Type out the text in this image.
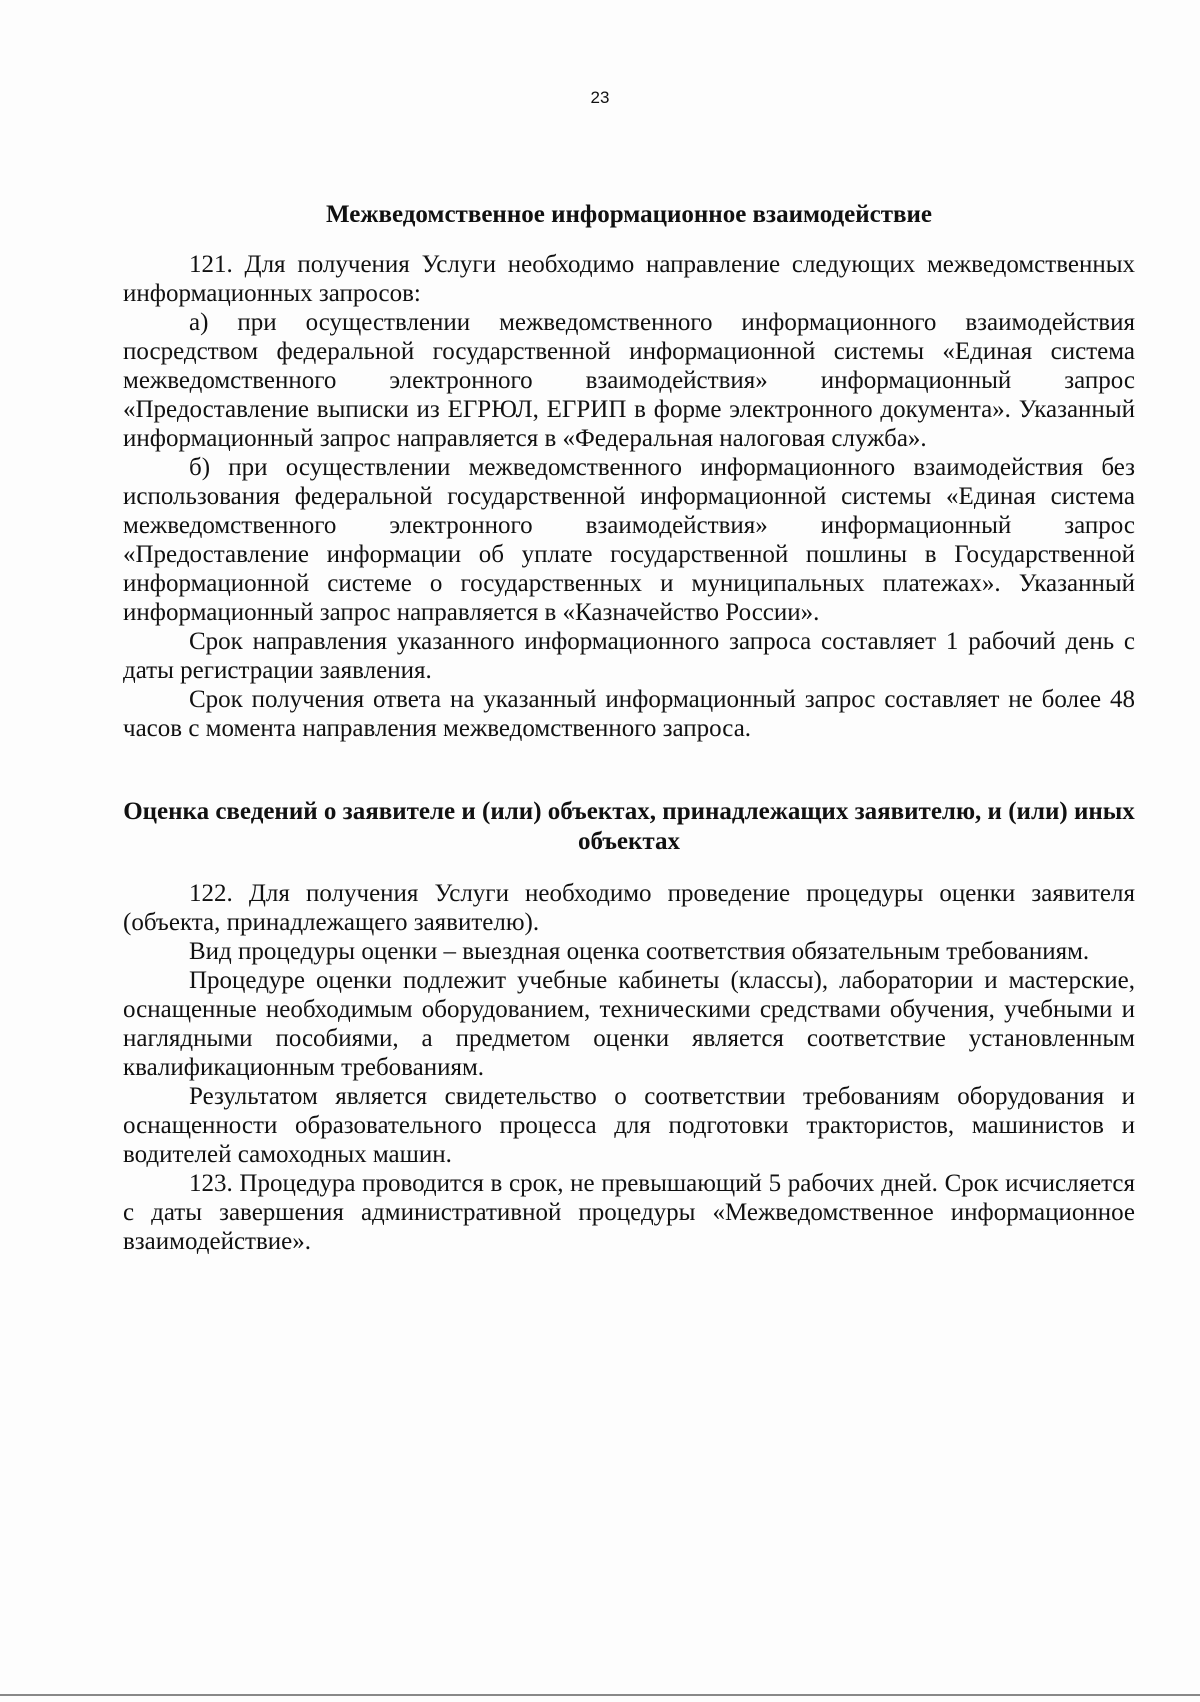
23
Межведомственное информационное взаимодействие

121. Для получения Услуги необходимо направление следующих межведомственных информационных запросов:

а) при осуществлении межведомственного информационного взаимодействия посредством федеральной государственной информационной системы «Единая система межведомственного электронного взаимодействия» информационный запрос «Предоставление выписки из ЕГРЮЛ, ЕГРИП в форме электронного документа». Указанный информационный запрос направляется в «Федеральная налоговая служба».

б) при осуществлении межведомственного информационного взаимодействия без использования федеральной государственной информационной системы «Единая система межведомственного электронного взаимодействия» информационный запрос «Предоставление информации об уплате государственной пошлины в Государственной информационной системе о государственных и муниципальных платежах». Указанный информационный запрос направляется в «Казначейство России».

Срок направления указанного информационного запроса составляет 1 рабочий день с даты регистрации заявления.

Срок получения ответа на указанный информационный запрос составляет не более 48 часов с момента направления межведомственного запроса.

Оценка сведений о заявителе и (или) объектах, принадлежащих заявителю, и (или) иных объектах

122. Для получения Услуги необходимо проведение процедуры оценки заявителя (объекта, принадлежащего заявителю).

Вид процедуры оценки – выездная оценка соответствия обязательным требованиям.

Процедуре оценки подлежит учебные кабинеты (классы), лаборатории и мастерские, оснащенные необходимым оборудованием, техническими средствами обучения, учебными и наглядными пособиями, а предметом оценки является соответствие установленным квалификационным требованиям.

Результатом является свидетельство о соответствии требованиям оборудования и оснащенности образовательного процесса для подготовки трактористов, машинистов и водителей самоходных машин.

123. Процедура проводится в срок, не превышающий 5 рабочих дней. Срок исчисляется с даты завершения административной процедуры «Межведомственное информационное взаимодействие».
